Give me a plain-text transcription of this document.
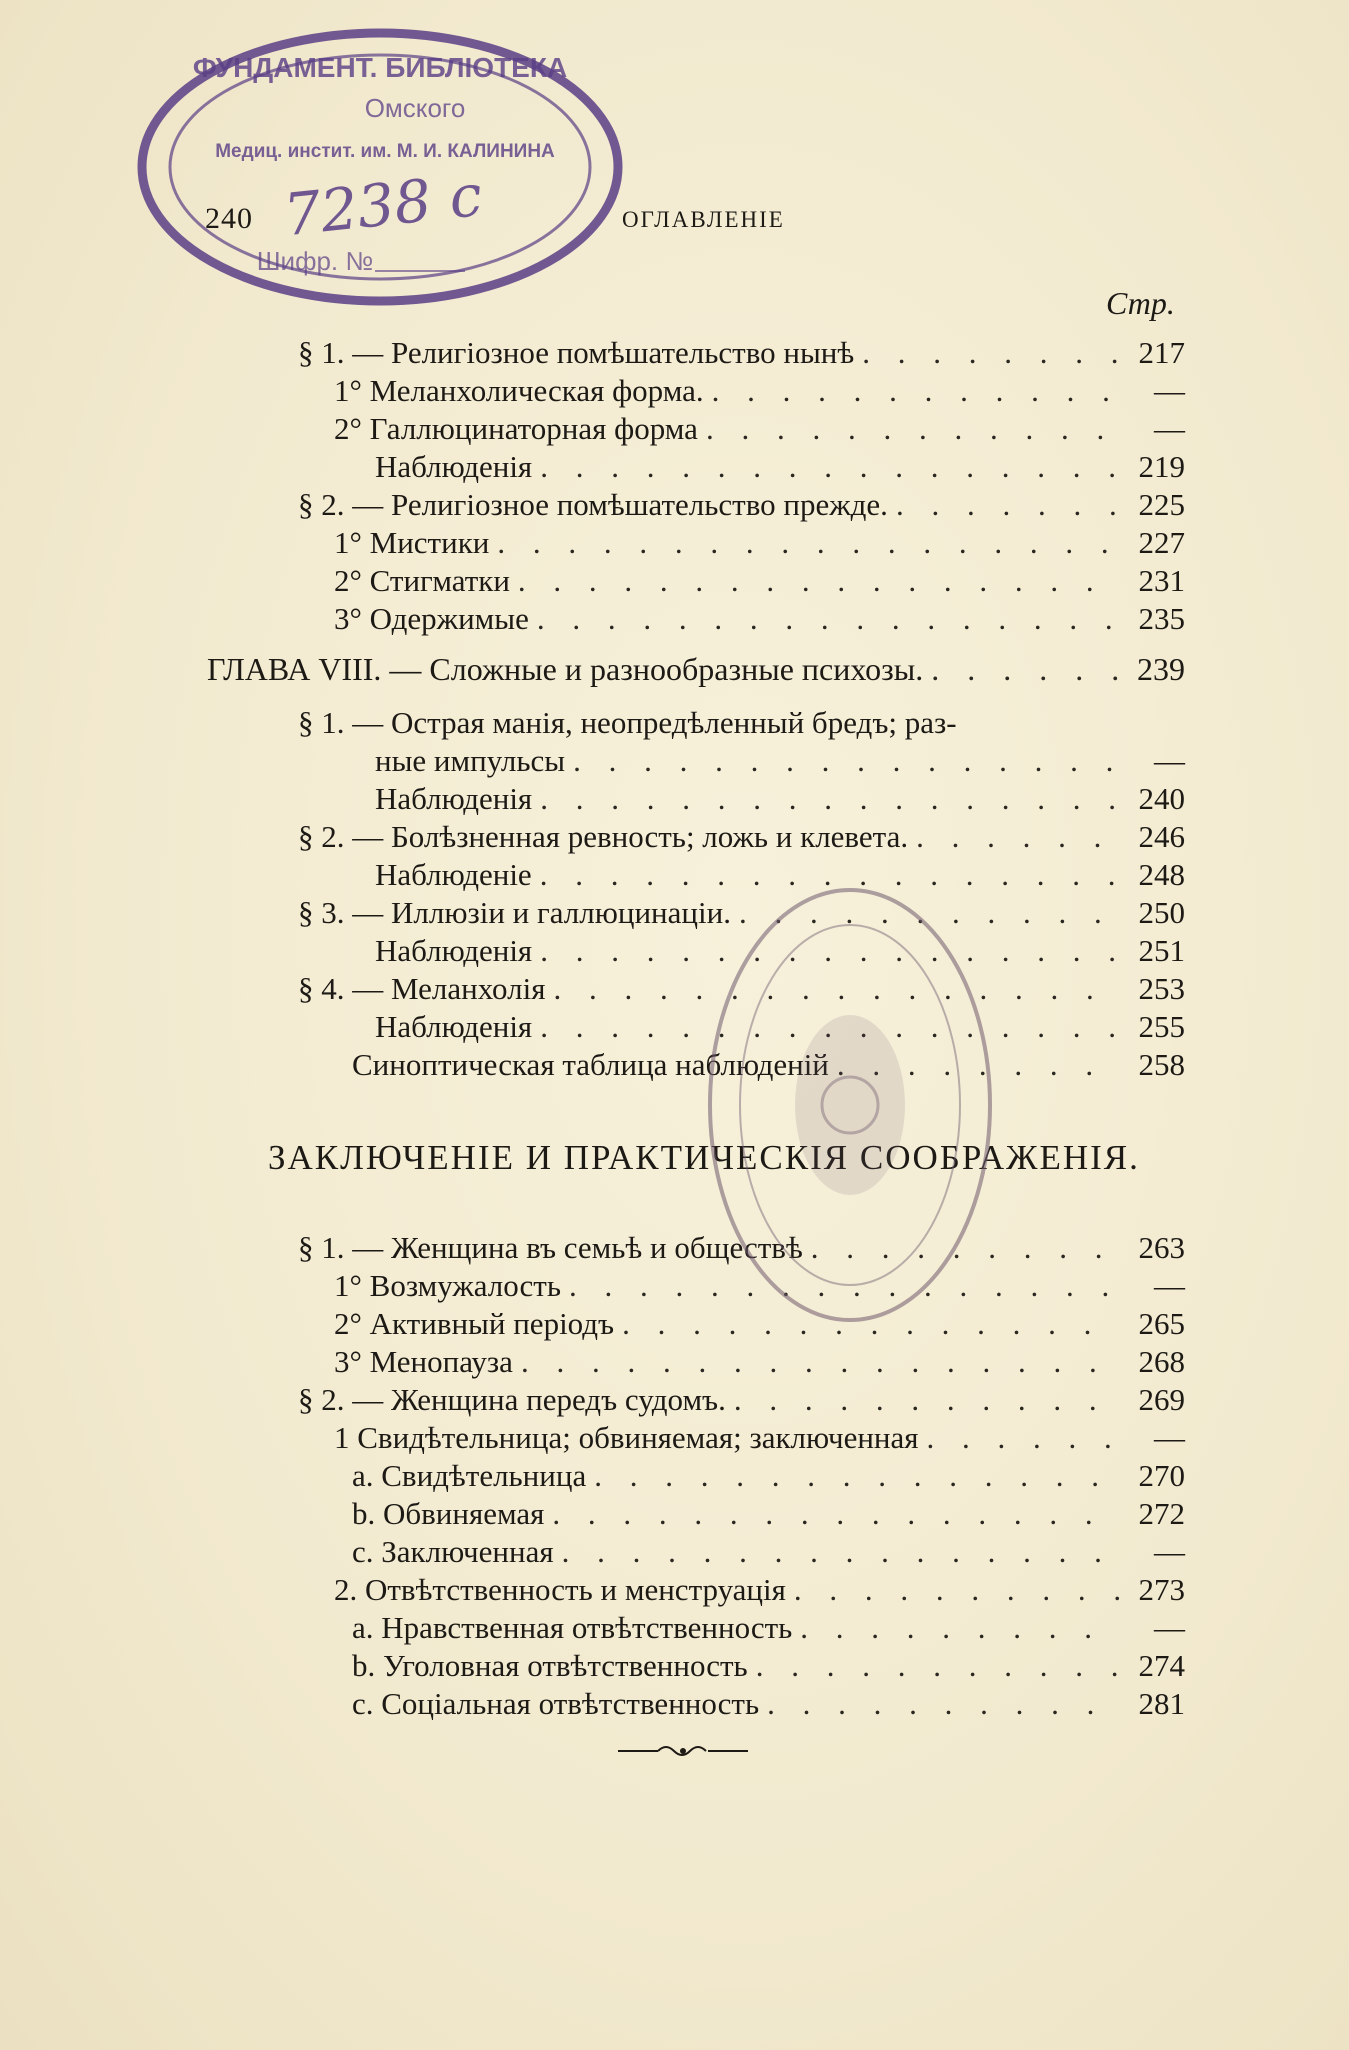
ФУНДАМЕНТ. БИБЛІОТЕКА
Омского
Медиц. инстит. им. М. И. КАЛИНИНА
7238 с
Шифр. №
240	ОГЛАВЛЕНІЕ
Стр.
§ 1. — Религіозное помѣшательство нынѣ . . .	217
1° Меланхолическая форма. . . .	—
2° Галлюцинаторная форма . . .	—
Наблюденія . . .	219
§ 2. — Религіозное помѣшательство прежде. . . .	225
1° Мистики . . .	227
2° Стигматки . . .	231
3° Одержимые . . .	235
ГЛАВА VIII. — Сложные и разнообразные психозы. . . .	239
§ 1. — Острая манія, неопредѣленный бредъ; раз-
ные импульсы . . .	—
Наблюденія . . .	240
§ 2. — Болѣзненная ревность; ложь и клевета. . . .	246
Наблюденіе . . .	248
§ 3. — Иллюзіи и галлюцинаціи. . . .	250
Наблюденія . . .	251
§ 4. — Меланхолія . . .	253
Наблюденія . . .	255
Синоптическая таблица наблюденій . . .	258
ЗАКЛЮЧЕНІЕ И ПРАКТИЧЕСКІЯ СООБРАЖЕНІЯ.
§ 1. — Женщина въ семьѣ и обществѣ . . .	263
1° Возмужалость . . .	—
2° Активный періодъ . . .	265
3° Менопауза . . .	268
§ 2. — Женщина передъ судомъ. . . .	269
1 Свидѣтельница; обвиняемая; заключенная . . .	—
a. Свидѣтельница . . .	270
b. Обвиняемая . . .	272
c. Заключенная . . .	—
2. Отвѣтственность и менструація . . .	273
a. Нравственная отвѣтственность . . .	—
b. Уголовная отвѣтственность . . .	274
c. Соціальная отвѣтственность . . .	281
